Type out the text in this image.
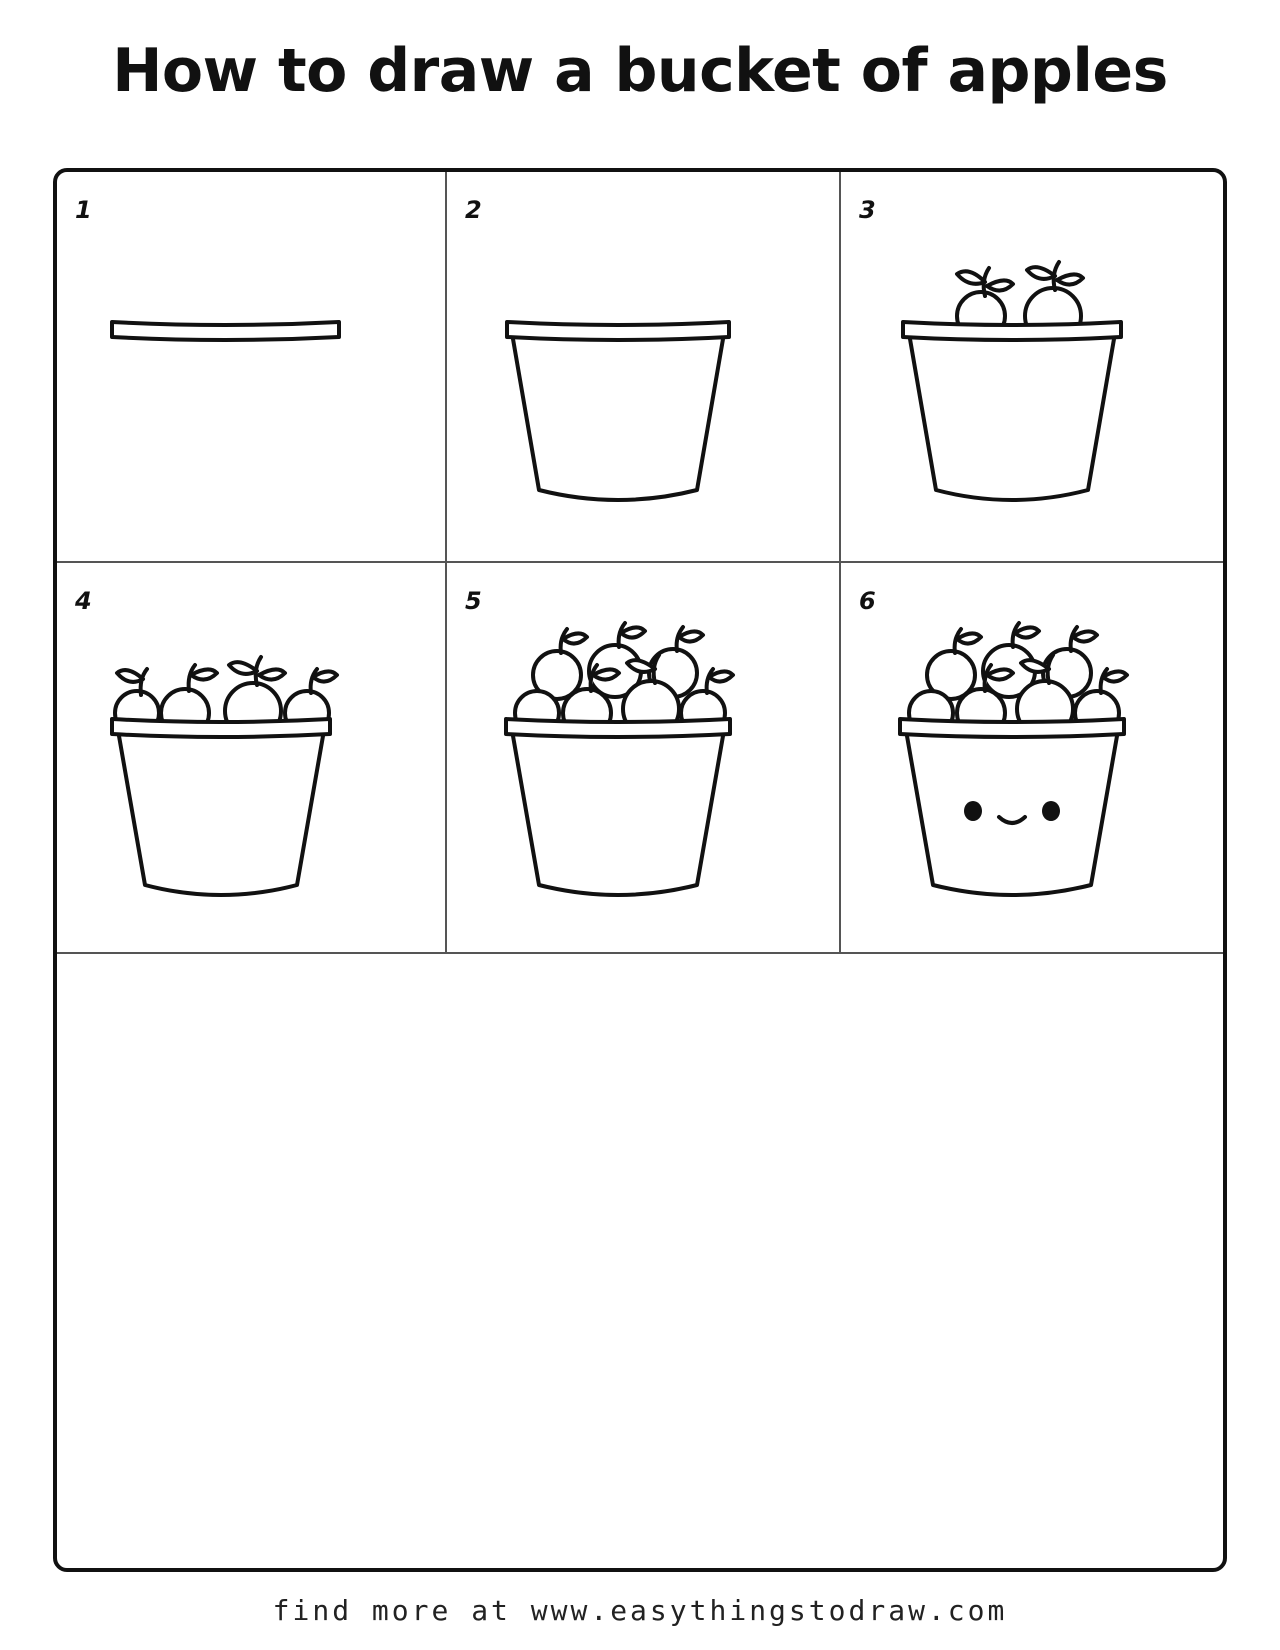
How to draw a bucket of apples
1	2	3
4	5	6
find more at www.easythingstodraw.com
